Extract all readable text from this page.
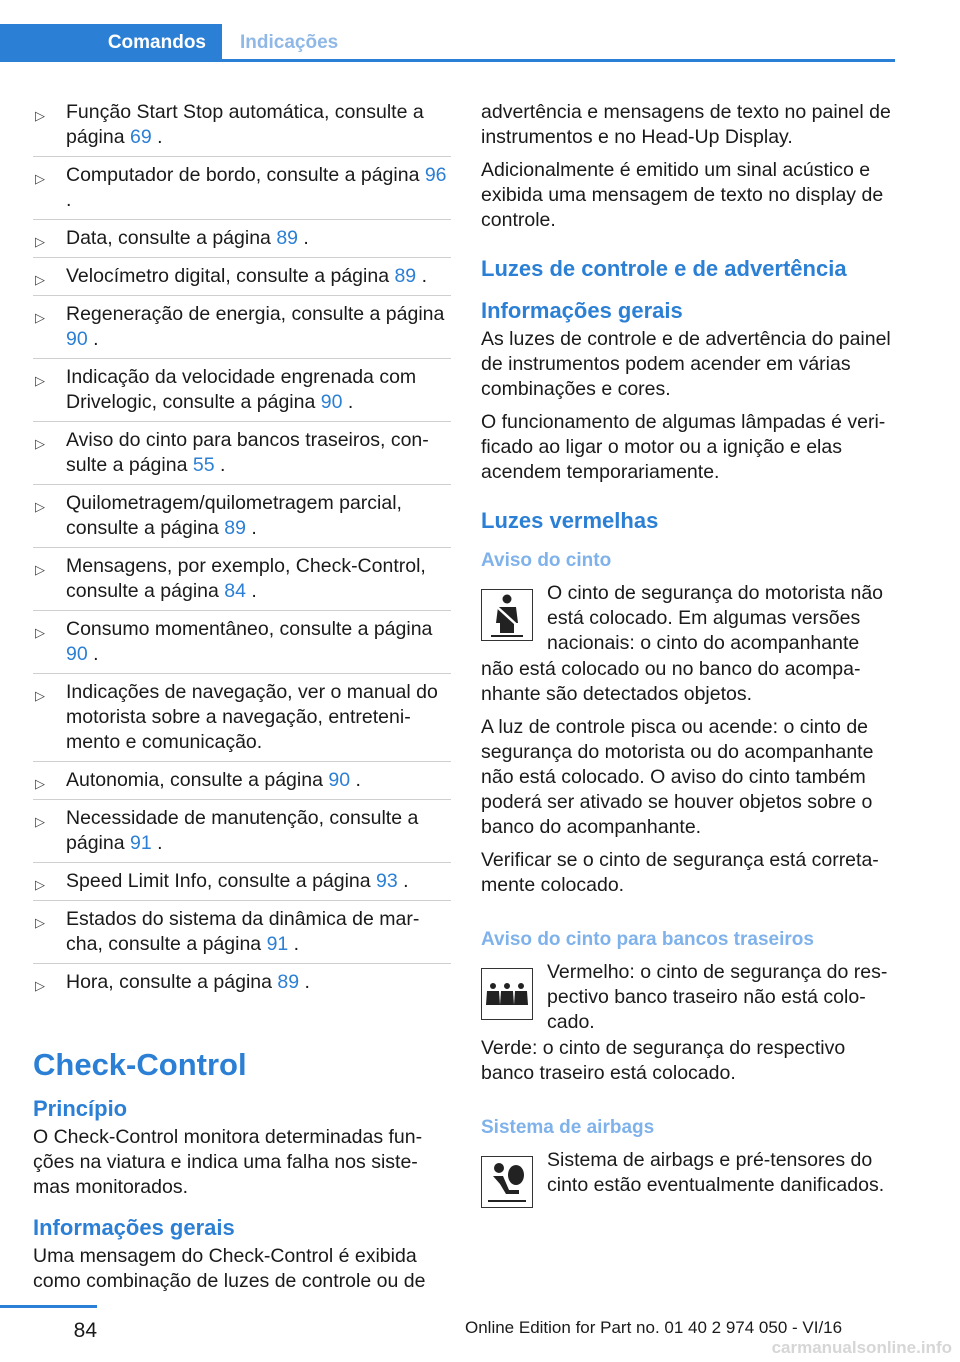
Comandos	Indicações
▷ Função Start Stop automática, consulte a página 69 .
▷ Computador de bordo, consulte a página 96 .
▷ Data, consulte a página 89 .
▷ Velocímetro digital, consulte a página 89 .
▷ Regeneração de energia, consulte a página 90 .
▷ Indicação da velocidade engrenada com Drivelogic, consulte a página 90 .
▷ Aviso do cinto para bancos traseiros, con‐ sulte a página 55 .
▷ Quilometragem/quilometragem parcial, consulte a página 89 .
▷ Mensagens, por exemplo, Check-Control, consulte a página 84 .
▷ Consumo momentâneo, consulte a página 90 .
▷ Indicações de navegação, ver o manual do motorista sobre a navegação, entreteni‐ mento e comunicação.
▷ Autonomia, consulte a página 90 .
▷ Necessidade de manutenção, consulte a página 91 .
▷ Speed Limit Info, consulte a página 93 .
▷ Estados do sistema da dinâmica de mar‐ cha, consulte a página 91 .
▷ Hora, consulte a página 89 .
Check-Control
Princípio

O Check-Control monitora determinadas fun‐ ções na viatura e indica uma falha nos siste‐ mas monitorados.

Informações gerais

Uma mensagem do Check-Control é exibida como combinação de luzes de controle ou de

advertência e mensagens de texto no painel de instrumentos e no Head-Up Display.

Adicionalmente é emitido um sinal acústico e exibida uma mensagem de texto no display de controle.

Luzes de controle e de advertência
Informações gerais

As luzes de controle e de advertência do painel de instrumentos podem acender em várias combinações e cores.

O funcionamento de algumas lâmpadas é veri‐ ficado ao ligar o motor ou a ignição e elas acendem temporariamente.

Luzes vermelhas
Aviso do cinto
O cinto de segurança do motorista não está colocado. Em algumas versões nacionais: o cinto do acompanhante

não está colocado ou no banco do acompa‐ nhante são detectados objetos.

A luz de controle pisca ou acende: o cinto de segurança do motorista ou do acompanhante não está colocado. O aviso do cinto também poderá ser ativado se houver objetos sobre o banco do acompanhante.

Verificar se o cinto de segurança está correta‐ mente colocado.

Aviso do cinto para bancos traseiros
Vermelho: o cinto de segurança do res‐ pectivo banco traseiro não está colo‐ cado.

Verde: o cinto de segurança do respectivo banco traseiro está colocado.

Sistema de airbags
Sistema de airbags e pré-tensores do cinto estão eventualmente danificados.
84	Online Edition for Part no. 01 40 2 974 050 - VI/16
carmanualsonline.info
